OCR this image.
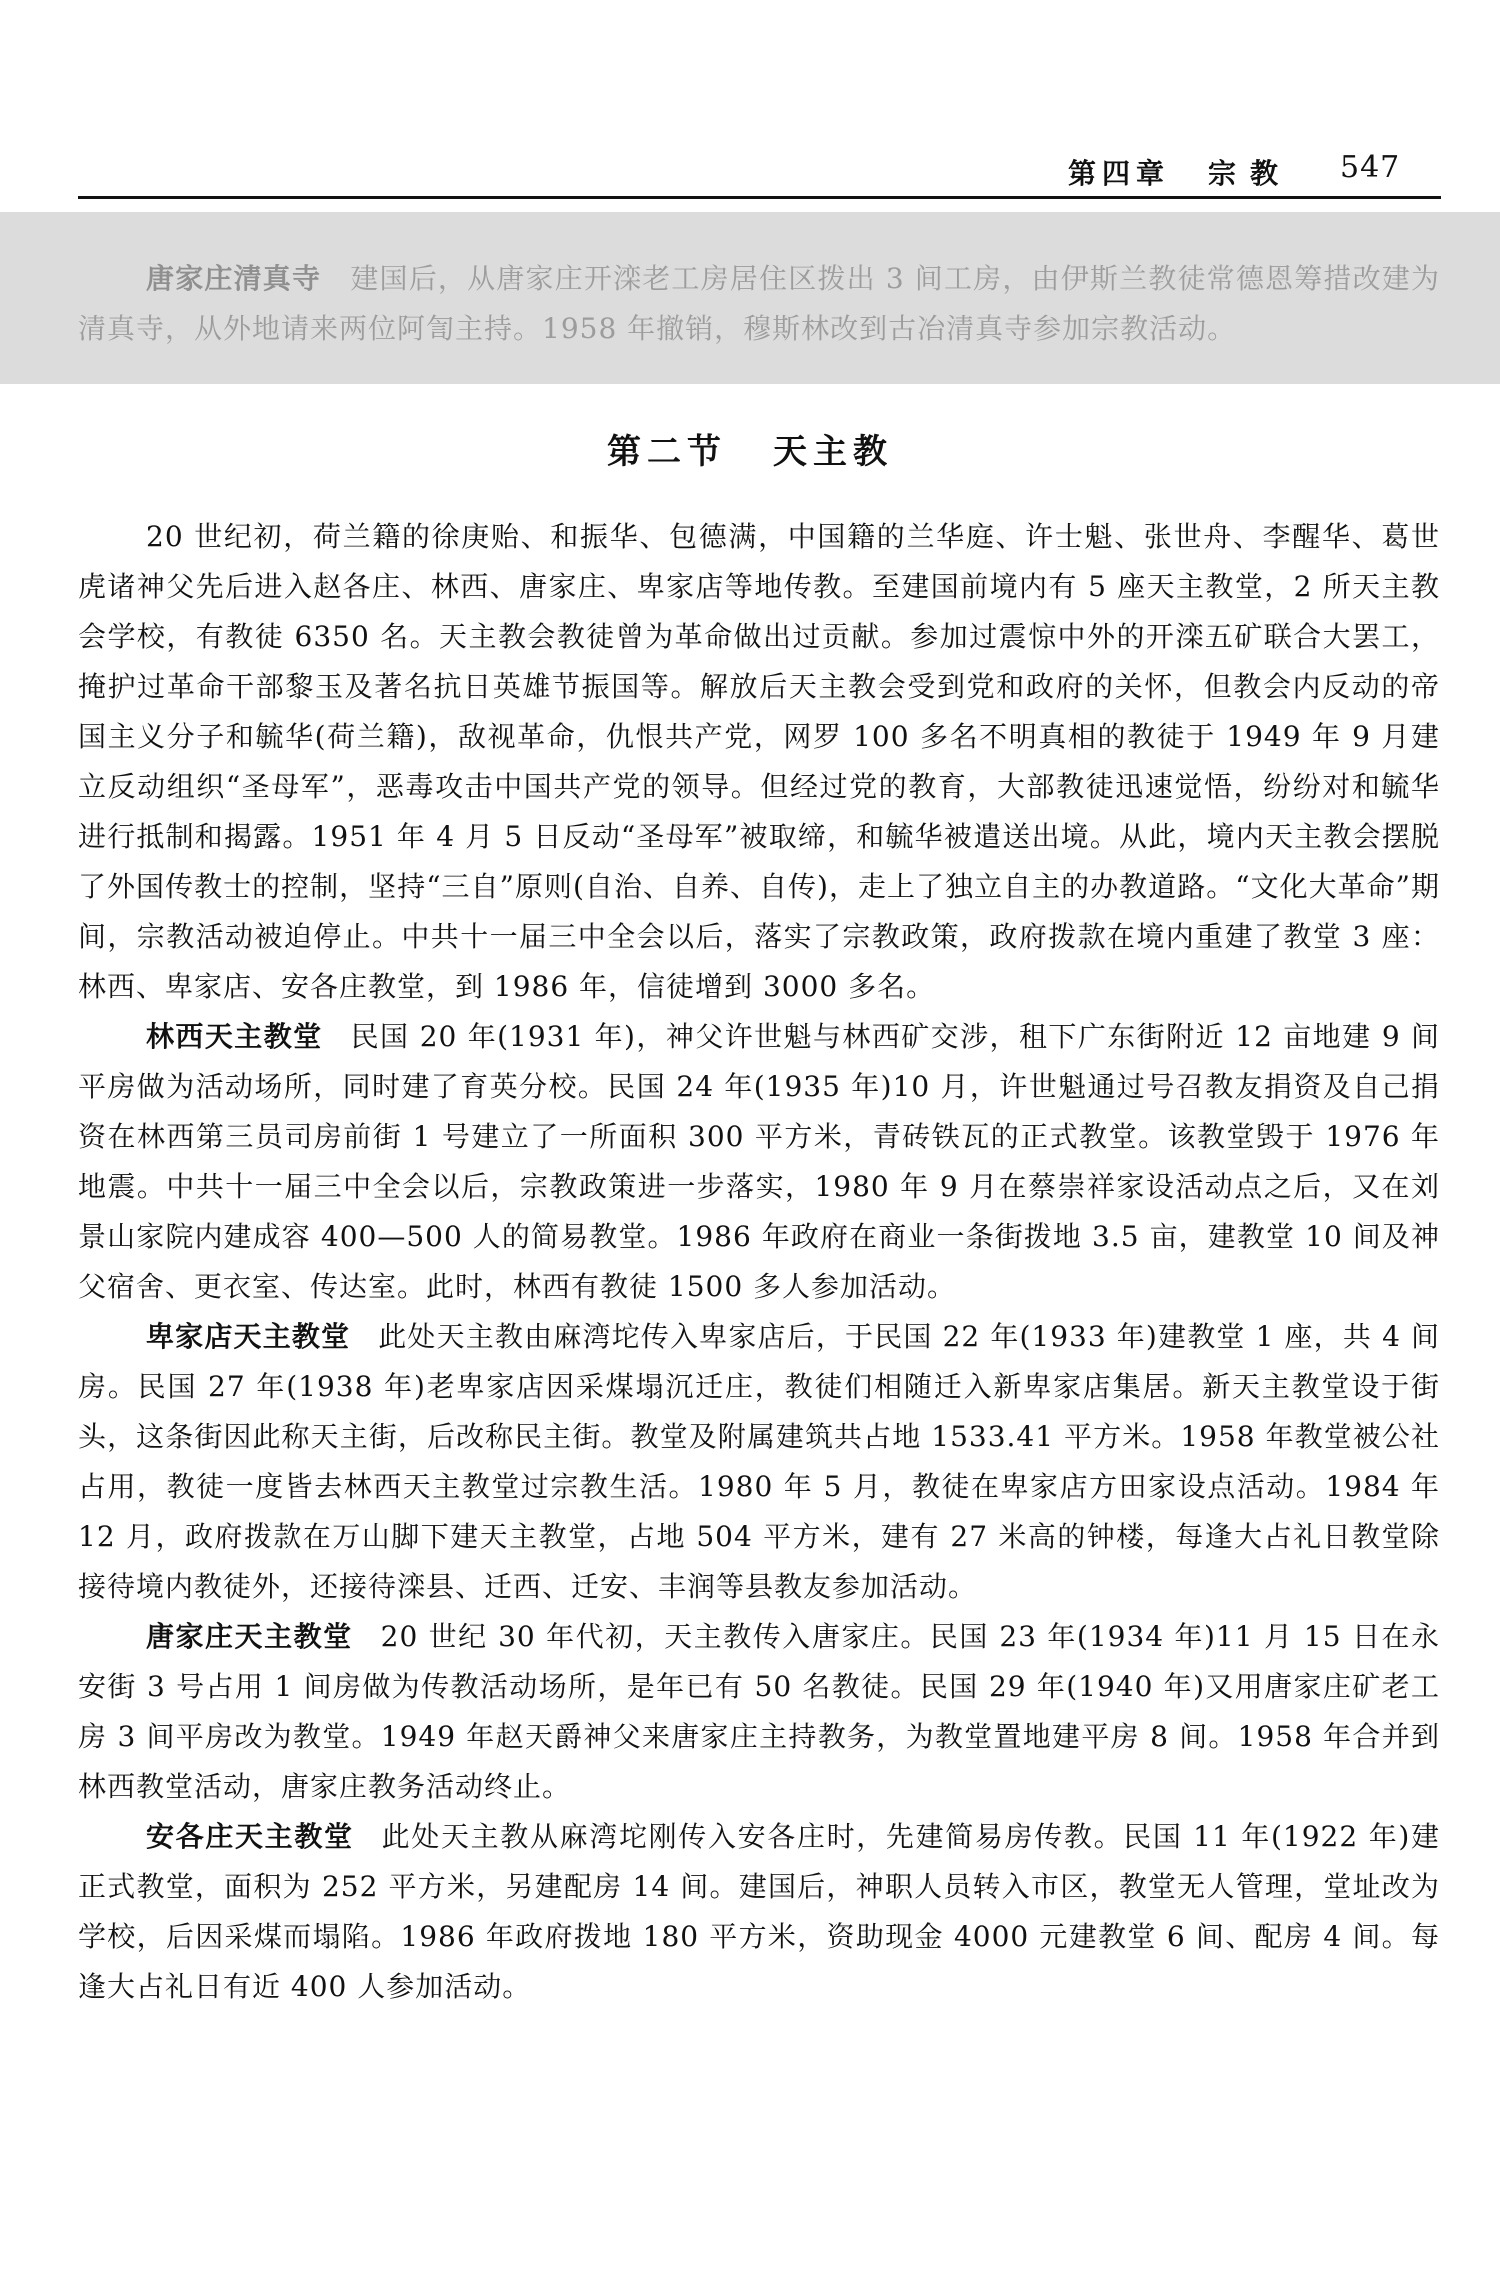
第四章 宗教 547

唐家庄清真寺　 建国后，从唐家庄开滦老工房居住区拨出 3 间工房，由伊斯兰教徒常德恩筹措改建为清真寺，从外地请来两位阿訇主持。1958 年撤销，穆斯林改到古冶清真寺参加宗教活动。

第二节 天主教

20 世纪初，荷兰籍的徐庚贻、和振华、包德满，中国籍的兰华庭、许士魁、张世舟、李醒华、葛世虎诸神父先后进入赵各庄、林西、唐家庄、卑家店等地传教。至建国前境内有 5 座天主教堂，2 所天主教会学校，有教徒 6350 名。天主教会教徒曾为革命做出过贡献。参加过震惊中外的开滦五矿联合大罢工，掩护过革命干部黎玉及著名抗日英雄节振国等。解放后天主教会受到党和政府的关怀，但教会内反动的帝国主义分子和毓华(荷兰籍)，敌视革命，仇恨共产党，网罗 100 多名不明真相的教徒于 1949 年 9 月建立反动组织“圣母军”，恶毒攻击中国共产党的领导。但经过党的教育，大部教徒迅速觉悟，纷纷对和毓华进行抵制和揭露。1951 年 4 月 5 日反动“圣母军”被取缔，和毓华被遣送出境。从此，境内天主教会摆脱了外国传教士的控制，坚持“三自”原则(自治、自养、自传)，走上了独立自主的办教道路。“文化大革命”期间，宗教活动被迫停止。中共十一届三中全会以后，落实了宗教政策，政府拨款在境内重建了教堂 3 座：林西、卑家店、安各庄教堂，到 1986 年，信徒增到 3000 多名。

林西天主教堂 民国 20 年(1931 年)，神父许世魁与林西矿交涉，租下广东街附近 12 亩地建 9 间平房做为活动场所，同时建了育英分校。民国 24 年(1935 年)10 月，许世魁通过号召教友捐资及自己捐资在林西第三员司房前街 1 号建立了一所面积 300 平方米，青砖铁瓦的正式教堂。该教堂毁于 1976 年地震。中共十一届三中全会以后，宗教政策进一步落实，1980 年 9 月在蔡崇祥家设活动点之后，又在刘景山家院内建成容 400—500 人的简易教堂。1986 年政府在商业一条街拨地 3.5 亩，建教堂 10 间及神父宿舍、更衣室、传达室。此时，林西有教徒 1500 多人参加活动。

卑家店天主教堂 此处天主教由麻湾坨传入卑家店后，于民国 22 年(1933 年)建教堂 1 座，共 4 间房。民国 27 年(1938 年)老卑家店因采煤塌沉迁庄，教徒们相随迁入新卑家店集居。新天主教堂设于街头，这条街因此称天主街，后改称民主街。教堂及附属建筑共占地 1533.41 平方米。1958 年教堂被公社占用，教徒一度皆去林西天主教堂过宗教生活。1980 年 5 月，教徒在卑家店方田家设点活动。1984 年 12 月，政府拨款在万山脚下建天主教堂，占地 504 平方米，建有 27 米高的钟楼，每逢大占礼日教堂除接待境内教徒外，还接待滦县、迁西、迁安、丰润等县教友参加活动。

唐家庄天主教堂 20 世纪 30 年代初，天主教传入唐家庄。民国 23 年(1934 年)11 月 15 日在永安街 3 号占用 1 间房做为传教活动场所，是年已有 50 名教徒。民国 29 年(1940 年)又用唐家庄矿老工房 3 间平房改为教堂。1949 年赵天爵神父来唐家庄主持教务，为教堂置地建平房 8 间。1958 年合并到林西教堂活动，唐家庄教务活动终止。

安各庄天主教堂 此处天主教从麻湾坨刚传入安各庄时，先建简易房传教。民国 11 年(1922 年)建正式教堂，面积为 252 平方米，另建配房 14 间。建国后，神职人员转入市区，教堂无人管理，堂址改为学校，后因采煤而塌陷。1986 年政府拨地 180 平方米，资助现金 4000 元建教堂 6 间、配房 4 间。每逢大占礼日有近 400 人参加活动。
